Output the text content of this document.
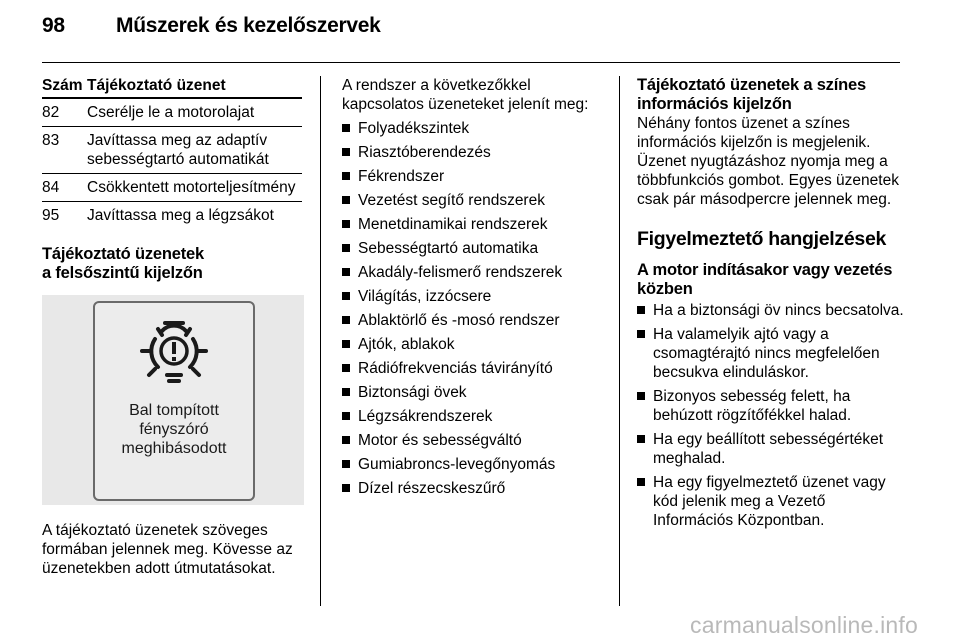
98 Műszerek és kezelőszervek
Szám	Tájékoztató üzenet
82	Cserélje le a motorolajat
83	Javíttassa meg az adaptív sebességtartó automatikát
84	Csökkentett motorteljesítmény
95	Javíttassa meg a légzsákot
Tájékoztató üzenetek
a felsőszintű kijelzőn
Bal tompított
fényszóró
meghibásodott

A tájékoztató üzenetek szöveges formában jelennek meg. Kövesse az üzenetekben adott útmutatásokat.

A rendszer a következőkkel kapcsolatos üzeneteket jelenít meg:

Folyadékszintek
Riasztóberendezés
Fékrendszer
Vezetést segítő rendszerek
Menetdinamikai rendszerek
Sebességtartó automatika
Akadály-felismerő rendszerek
Világítás, izzócsere
Ablaktörlő és -mosó rendszer
Ajtók, ablakok
Rádiófrekvenciás távirányító
Biztonsági övek
Légzsákrendszerek
Motor és sebességváltó
Gumiabroncs-levegőnyomás
Dízel részecskeszűrő
Tájékoztató üzenetek a színes információs kijelzőn

Néhány fontos üzenet a színes információs kijelzőn is megjelenik. Üzenet nyugtázáshoz nyomja meg a többfunkciós gombot. Egyes üzenetek csak pár másodpercre jelennek meg.

Figyelmeztető hangjelzések
A motor indításakor vagy vezetés közben
Ha a biztonsági öv nincs becsatolva.
Ha valamelyik ajtó vagy a csomagtérajtó nincs megfelelően becsukva elinduláskor.
Bizonyos sebesség felett, ha behúzott rögzítőfékkel halad.
Ha egy beállított sebességértéket meghalad.
Ha egy figyelmeztető üzenet vagy kód jelenik meg a Vezető Információs Központban.
carmanualsonline.info
